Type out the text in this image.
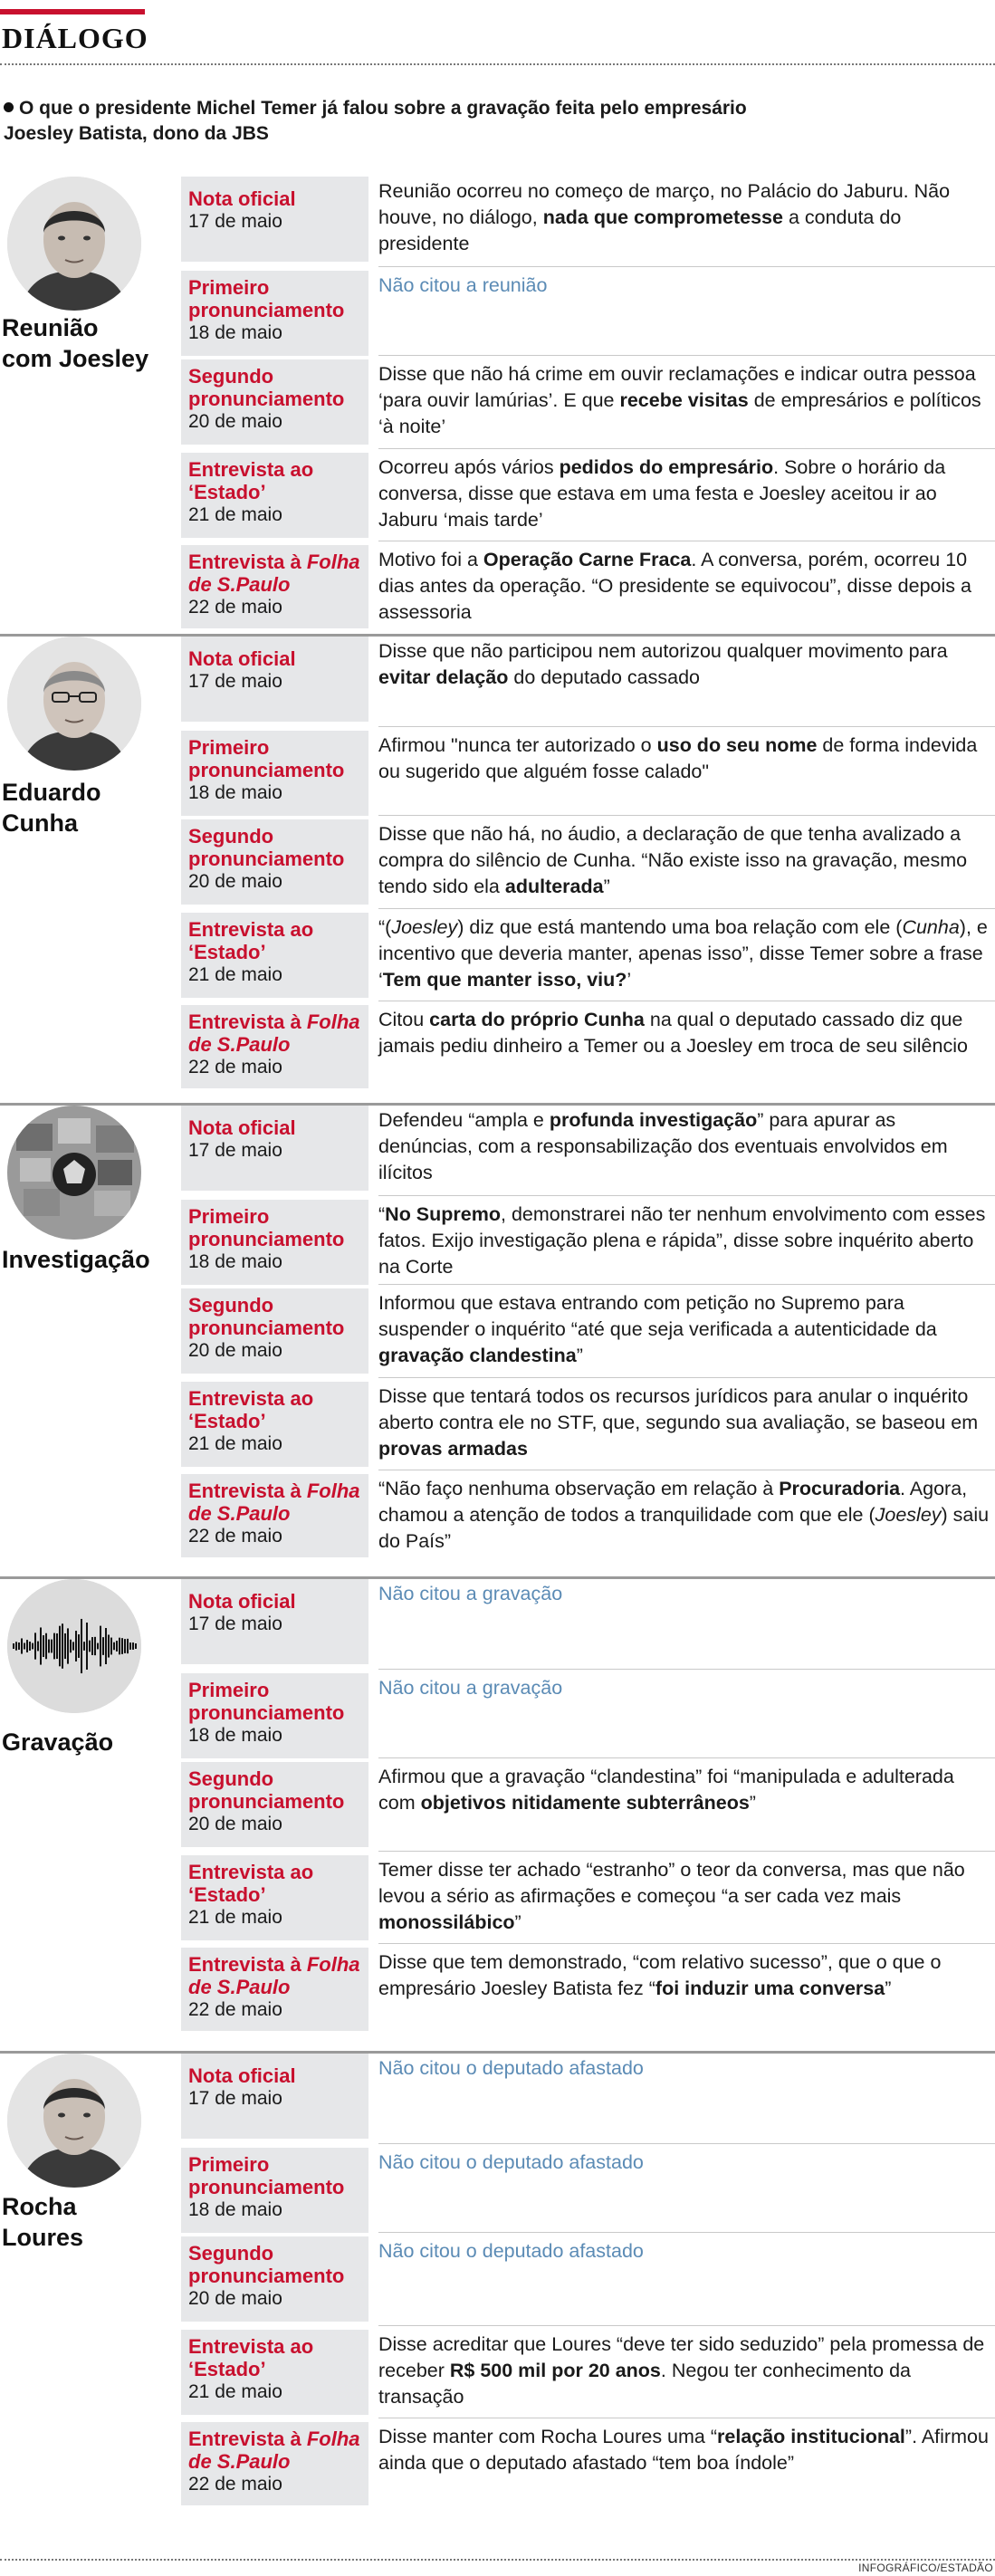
DIÁLOGO
O que o presidente Michel Temer já falou sobre a gravação feita pelo empresário Joesley Batista, dono da JBS
Reunião
com Joesley
Nota oficial
17 de maio
Reunião ocorreu no começo de março, no Palácio do Jaburu. Não houve, no diálogo, nada que comprometesse a conduta do presidente
Primeiro pronunciamento
18 de maio
Não citou a reunião
Segundo pronunciamento
20 de maio
Disse que não há crime em ouvir reclamações e indicar outra pessoa ‘para ouvir lamúrias’. E que recebe visitas de empresários e políticos ‘à noite’
Entrevista ao ‘Estado’
21 de maio
Ocorreu após vários pedidos do empresário. Sobre o horário da conversa, disse que estava em uma festa e Joesley aceitou ir ao Jaburu ‘mais tarde’
Entrevista à Folha de S.Paulo
22 de maio
Motivo foi a Operação Carne Fraca. A conversa, porém, ocorreu 10 dias antes da operação. “O presidente se equivocou”, disse depois a assessoria
Eduardo
Cunha
Nota oficial
17 de maio
Disse que não participou nem autorizou qualquer movimento para evitar delação do deputado cassado
Primeiro pronunciamento
18 de maio
Afirmou "nunca ter autorizado o uso do seu nome de forma indevida ou sugerido que alguém fosse calado"
Segundo pronunciamento
20 de maio
Disse que não há, no áudio, a declaração de que tenha avalizado a compra do silêncio de Cunha. “Não existe isso na gravação, mesmo tendo sido ela adulterada”
Entrevista ao ‘Estado’
21 de maio
“(Joesley) diz que está mantendo uma boa relação com ele (Cunha), e incentivo que deveria manter, apenas isso”, disse Temer sobre a frase ‘Tem que manter isso, viu?’
Entrevista à Folha de S.Paulo
22 de maio
Citou carta do próprio Cunha na qual o deputado cassado diz que jamais pediu dinheiro a Temer ou a Joesley em troca de seu silêncio
Investigação
Nota oficial
17 de maio
Defendeu “ampla e profunda investigação” para apurar as denúncias, com a responsabilização dos eventuais envolvidos em ilícitos
Primeiro pronunciamento
18 de maio
“No Supremo, demonstrarei não ter nenhum envolvimento com esses fatos. Exijo investigação plena e rápida”, disse sobre inquérito aberto na Corte
Segundo pronunciamento
20 de maio
Informou que estava entrando com petição no Supremo para suspender o inquérito “até que seja verificada a autenticidade da gravação clandestina”
Entrevista ao ‘Estado’
21 de maio
Disse que tentará todos os recursos jurídicos para anular o inquérito aberto contra ele no STF, que, segundo sua avaliação, se baseou em provas armadas
Entrevista à Folha de S.Paulo
22 de maio
“Não faço nenhuma observação em relação à Procuradoria. Agora, chamou a atenção de todos a tranquilidade com que ele (Joesley) saiu do País”
Gravação
Nota oficial
17 de maio
Não citou a gravação
Primeiro pronunciamento
18 de maio
Não citou a gravação
Segundo pronunciamento
20 de maio
Afirmou que a gravação “clandestina” foi “manipulada e adulterada com objetivos nitidamente subterrâneos”
Entrevista ao ‘Estado’
21 de maio
Temer disse ter achado “estranho” o teor da conversa, mas que não levou a sério as afirmações e começou “a ser cada vez mais monossilábico”
Entrevista à Folha de S.Paulo
22 de maio
Disse que tem demonstrado, “com relativo sucesso”, que o que o empresário Joesley Batista fez “foi induzir uma conversa”
Rocha
Loures
Nota oficial
17 de maio
Não citou o deputado afastado
Primeiro pronunciamento
18 de maio
Não citou o deputado afastado
Segundo pronunciamento
20 de maio
Não citou o deputado afastado
Entrevista ao ‘Estado’
21 de maio
Disse acreditar que Loures “deve ter sido seduzido” pela promessa de receber R$ 500 mil por 20 anos. Negou ter conhecimento da transação
Entrevista à Folha de S.Paulo
22 de maio
Disse manter com Rocha Loures uma “relação institucional”. Afirmou ainda que o deputado afastado “tem boa índole”
INFOGRÁFICO/ESTADÃO
